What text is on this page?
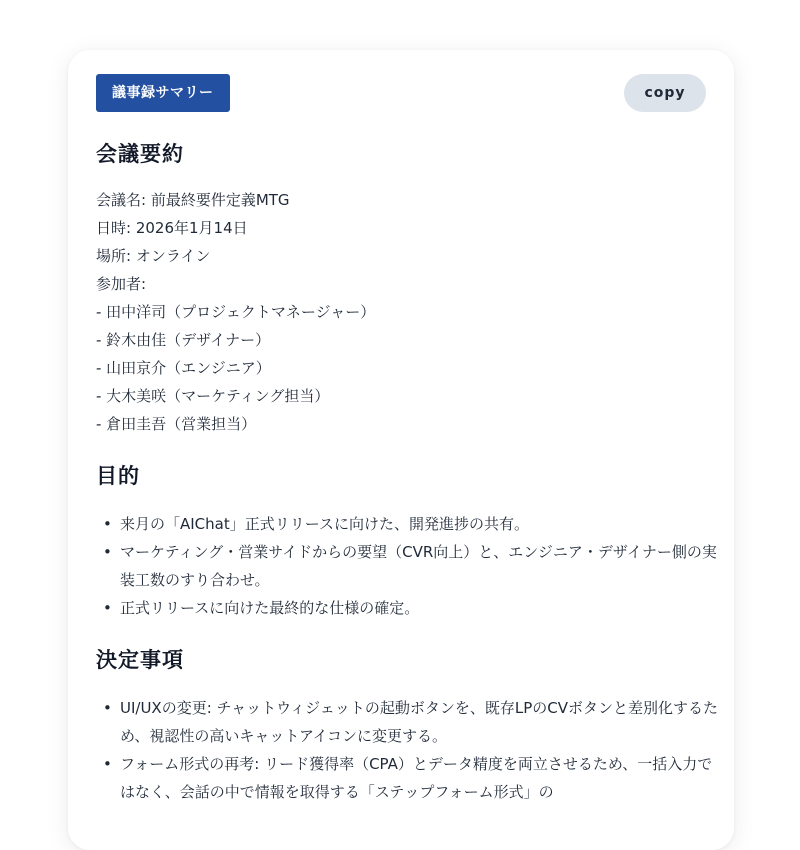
議事録サマリー	copy
会議要約
会議名: 前最終要件定義MTG
日時: 2026年1月14日
場所: オンライン
参加者:
- 田中洋司（プロジェクトマネージャー）
- 鈴木由佳（デザイナー）
- 山田京介（エンジニア）
- 大木美咲（マーケティング担当）
- 倉田圭吾（営業担当）
目的
• 来月の「AIChat」正式リリースに向けた、開発進捗の共有。
• マーケティング・営業サイドからの要望（CVR向上）と、エンジニア・デザイナー側の実装工数のすり合わせ。
• 正式リリースに向けた最終的な仕様の確定。
決定事項
• UI/UXの変更: チャットウィジェットの起動ボタンを、既存LPのCVボタンと差別化するため、視認性の高いキャットアイコンに変更する。
• フォーム形式の再考: リード獲得率（CPA）とデータ精度を両立させるため、一括入力ではなく、会話の中で情報を取得する「ステップフォーム形式」の
